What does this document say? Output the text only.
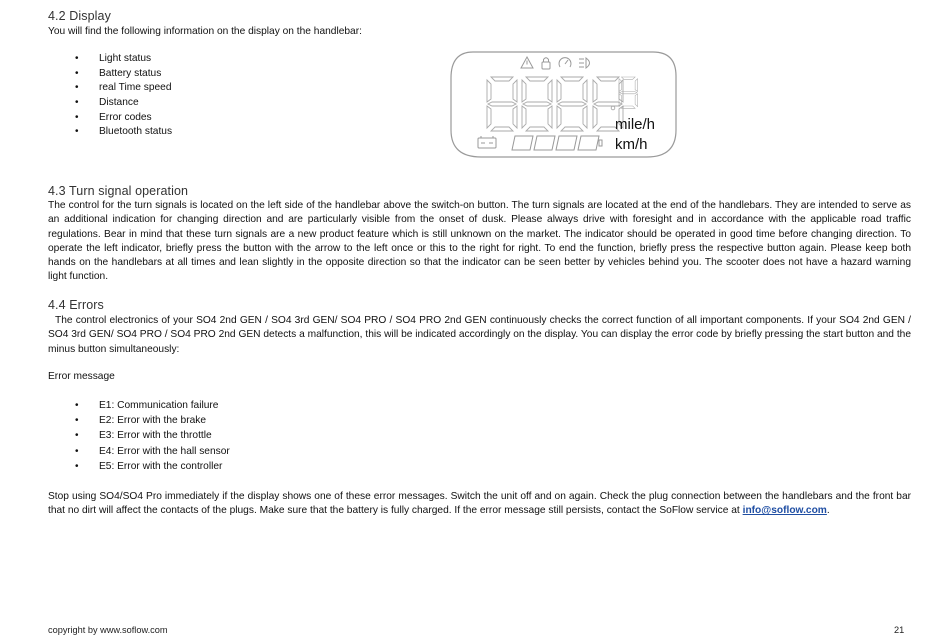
4.2 Display
You will find the following information on the display on the handlebar:
• Light status
• Battery status
• real Time speed
• Distance
• Error codes
• Bluetooth status	mile/h
km/h
4.3 Turn signal operation
The control for the turn signals is located on the left side of the handlebar above the switch-on button. The turn signals are located at the end of the handlebars. They are intended to serve as an additional indication for changing direction and are particularly visible from the onset of dusk. Please always drive with foresight and in accordance with the applicable road traffic regulations. Bear in mind that these turn signals are a new product feature which is still unknown on the market. The indicator should be operated in good time before changing direction. To operate the left indicator, briefly press the button with the arrow to the left once or this to the right for right. To end the function, briefly press the respective button again. Please keep both hands on the handlebars at all times and lean slightly in the opposite direction so that the indicator can be seen better by vehicles behind you. The scooter does not have a hazard warning light function.
4.4 Errors
The control electronics of your SO4 2nd GEN / SO4 3rd GEN/ SO4 PRO / SO4 PRO 2nd GEN continuously checks the correct function of all important components. If your SO4 2nd GEN / SO4 3rd GEN/ SO4 PRO / SO4 PRO 2nd GEN detects a malfunction, this will be indicated accordingly on the display. You can display the error code by briefly pressing the start button and the minus button simultaneously:
Error message
• E1: Communication failure
• E2: Error with the brake
• E3: Error with the throttle
• E4: Error with the hall sensor
• E5: Error with the controller
Stop using SO4/SO4 Pro immediately if the display shows one of these error messages. Switch the unit off and on again. Check the plug connection between the handlebars and the front bar that no dirt will affect the contacts of the plugs. Make sure that the battery is fully charged. If the error message still persists, contact the SoFlow service at info@soflow.com.
copyright by www.soflow.com	21
